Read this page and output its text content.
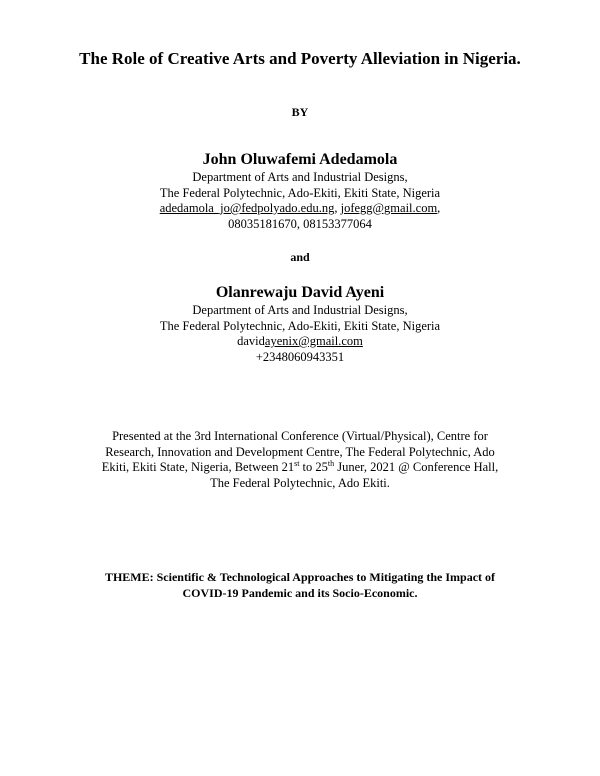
The Role of Creative Arts and Poverty Alleviation in Nigeria.
BY
John Oluwafemi Adedamola
Department of Arts and Industrial Designs,
The Federal Polytechnic, Ado-Ekiti, Ekiti State, Nigeria
adedamola_jo@fedpolyado.edu.ng, jofegg@gmail.com,
08035181670, 08153377064
and
Olanrewaju David Ayeni
Department of Arts and Industrial Designs,
The Federal Polytechnic, Ado-Ekiti, Ekiti State, Nigeria
davidayenix@gmail.com
+2348060943351
Presented at the 3rd International Conference (Virtual/Physical), Centre for
Research, Innovation and Development Centre, The Federal Polytechnic, Ado
Ekiti, Ekiti State, Nigeria, Between 21st to 25th Juner, 2021 @ Conference Hall,
The Federal Polytechnic, Ado Ekiti.
THEME: Scientific & Technological Approaches to Mitigating the Impact of
COVID-19 Pandemic and its Socio-Economic.
